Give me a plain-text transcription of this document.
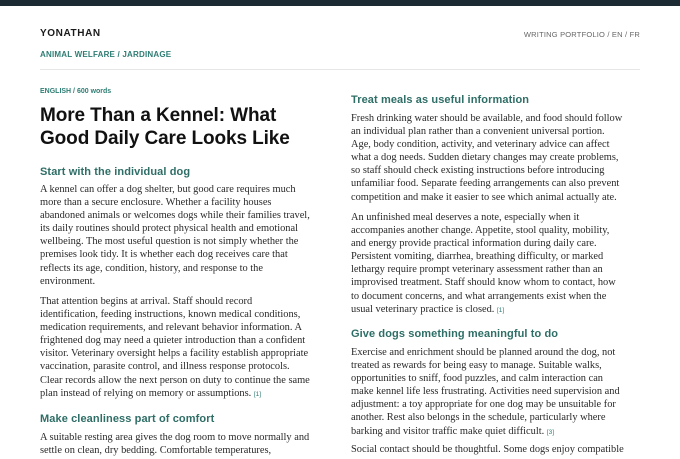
YONATHAN
ANIMAL WELFARE / JARDINAGE
WRITING PORTFOLIO / EN / FR
ENGLISH / 600 words
More Than a Kennel: What
Good Daily Care Looks Like
Start with the individual dog

A kennel can offer a dog shelter, but good care requires much
more than a secure enclosure. Whether a facility houses
abandoned animals or welcomes dogs while their families travel,
its daily routines should protect physical health and emotional
wellbeing. The most useful question is not simply whether the
premises look tidy. It is whether each dog receives care that
reflects its age, condition, history, and response to the
environment.

That attention begins at arrival. Staff should record
identification, feeding instructions, known medical conditions,
medication requirements, and relevant behavior information. A
frightened dog may need a quieter introduction than a confident
visitor. Veterinary oversight helps a facility establish appropriate
vaccination, parasite control, and illness response protocols.
Clear records allow the next person on duty to continue the same
plan instead of relying on memory or assumptions. [1]

Make cleanliness part of comfort

A suitable resting area gives the dog room to move normally and
settle on clean, dry bedding. Comfortable temperatures,

Treat meals as useful information

Fresh drinking water should be available, and food should follow
an individual plan rather than a convenient universal portion.
Age, body condition, activity, and veterinary advice can affect
what a dog needs. Sudden dietary changes may create problems,
so staff should check existing instructions before introducing
unfamiliar food. Separate feeding arrangements can also prevent
competition and make it easier to see which animal actually ate.

An unfinished meal deserves a note, especially when it
accompanies another change. Appetite, stool quality, mobility,
and energy provide practical information during daily care.
Persistent vomiting, diarrhea, breathing difficulty, or marked
lethargy require prompt veterinary assessment rather than an
improvised treatment. Staff should know whom to contact, how
to document concerns, and what arrangements exist when the
usual veterinary practice is closed. [1]

Give dogs something meaningful to do

Exercise and enrichment should be planned around the dog, not
treated as rewards for being easy to manage. Suitable walks,
opportunities to sniff, food puzzles, and calm interaction can
make kennel life less frustrating. Activities need supervision and
adjustment: a toy appropriate for one dog may be unsuitable for
another. Rest also belongs in the schedule, particularly where
barking and visitor traffic make quiet difficult. [3]

Social contact should be thoughtful. Some dogs enjoy compatible
